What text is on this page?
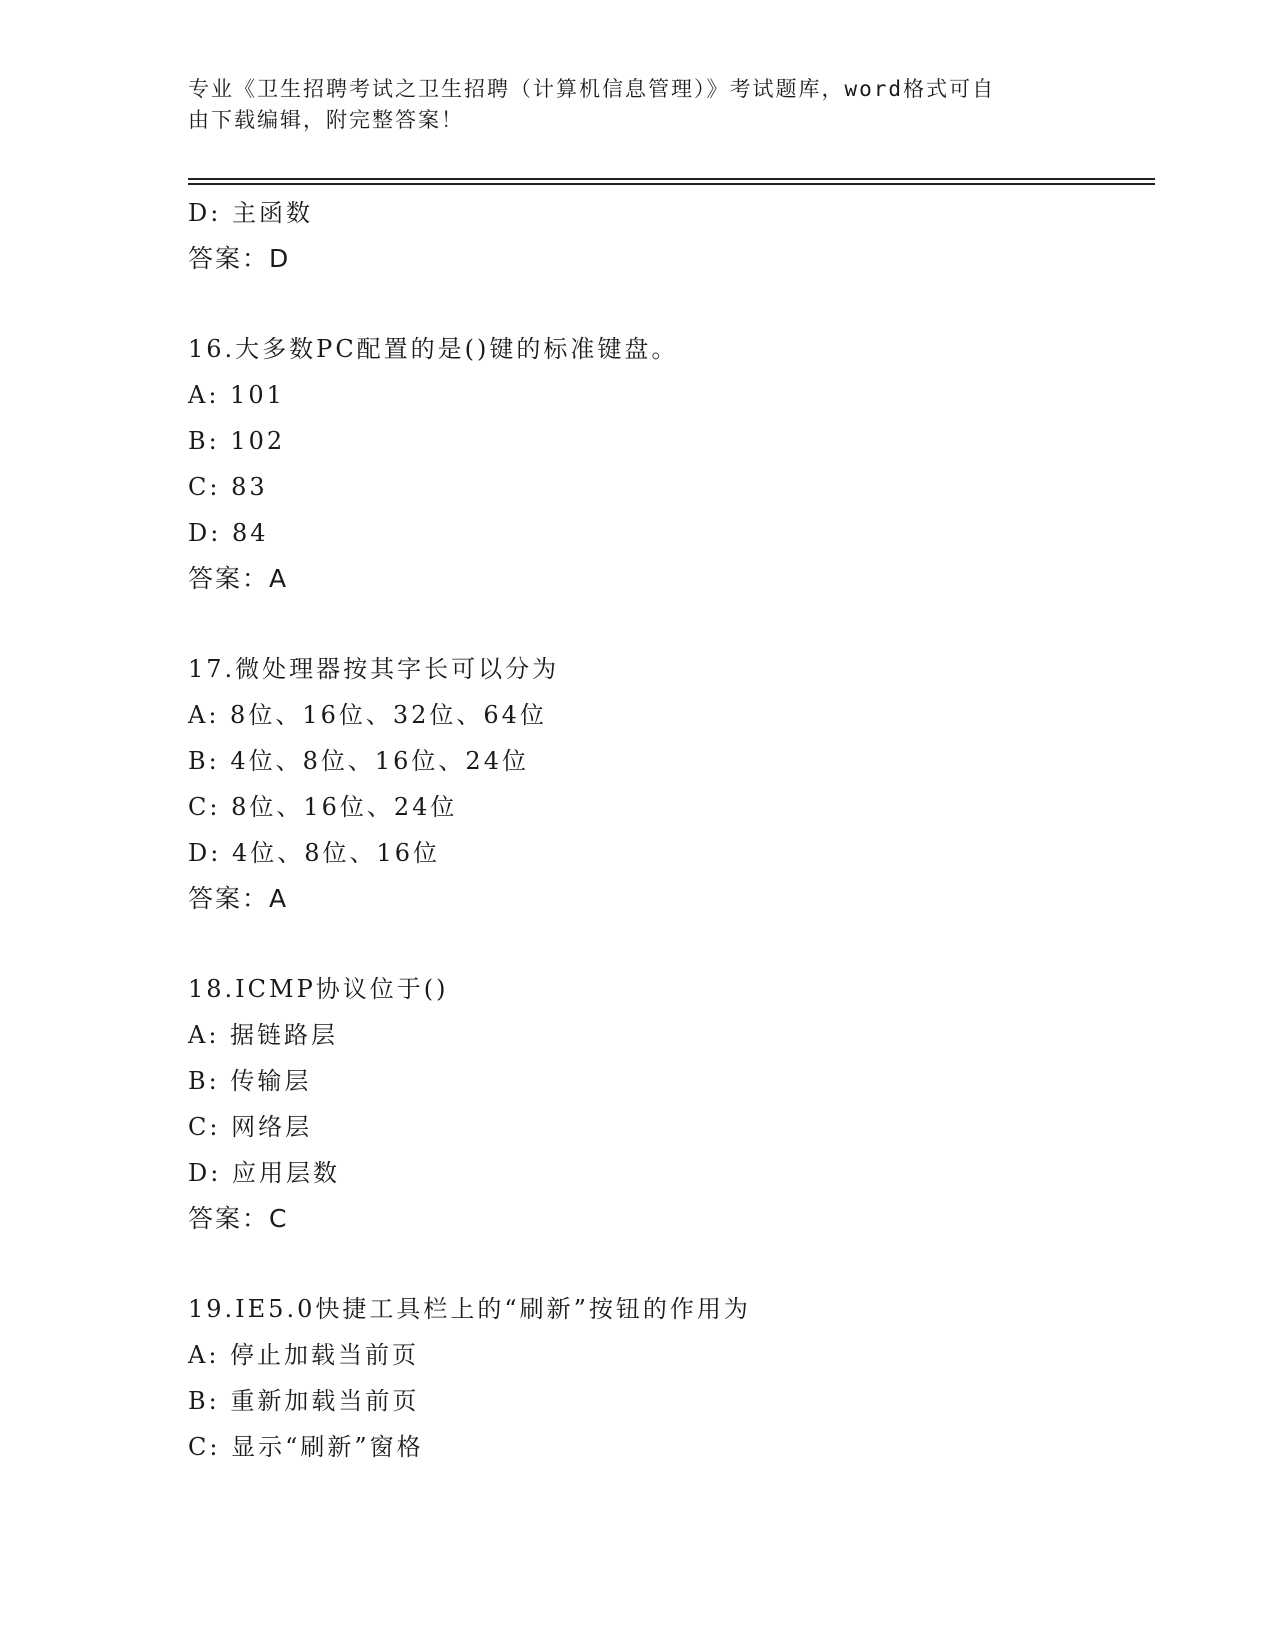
专业《卫生招聘考试之卫生招聘（计算机信息管理）》考试题库，word格式可自
由下载编辑，附完整答案！
D: 主函数
答案：D
16.大多数PC配置的是()键的标准键盘。
A: 101
B: 102
C: 83
D: 84
答案：A
17.微处理器按其字长可以分为
A: 8位、16位、32位、64位
B: 4位、8位、16位、24位
C: 8位、16位、24位
D: 4位、8位、16位
答案：A
18.ICMP协议位于()
A: 据链路层
B: 传输层
C: 网络层
D: 应用层数
答案：C
19.IE5.0快捷工具栏上的“刷新”按钮的作用为
A: 停止加载当前页
B: 重新加载当前页
C: 显示“刷新”窗格
